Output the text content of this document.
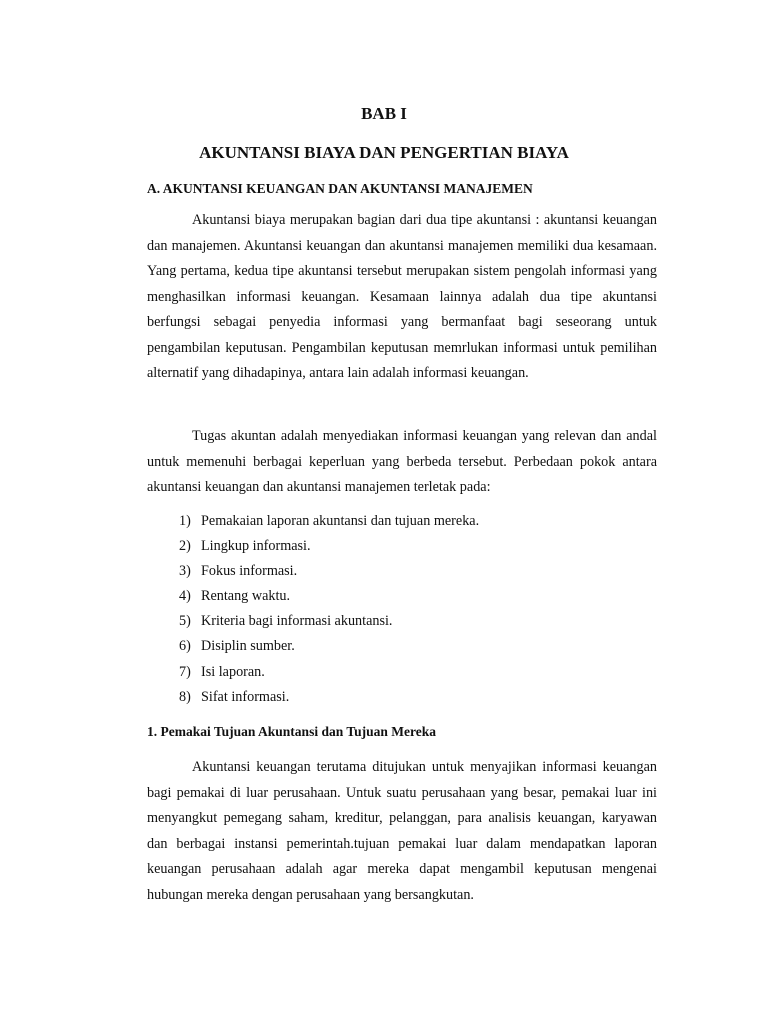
BAB I
AKUNTANSI BIAYA DAN PENGERTIAN BIAYA
A. AKUNTANSI KEUANGAN DAN AKUNTANSI MANAJEMEN

Akuntansi biaya merupakan bagian dari dua tipe akuntansi : akuntansi keuangan dan manajemen. Akuntansi keuangan dan akuntansi manajemen memiliki dua kesamaan. Yang pertama, kedua tipe akuntansi tersebut merupakan sistem pengolah informasi yang menghasilkan informasi keuangan. Kesamaan lainnya adalah dua tipe akuntansi berfungsi sebagai penyedia informasi yang bermanfaat bagi seseorang untuk pengambilan keputusan. Pengambilan keputusan memrlukan informasi untuk pemilihan alternatif yang dihadapinya, antara lain adalah informasi keuangan.

Tugas akuntan adalah menyediakan informasi keuangan yang relevan dan andal untuk memenuhi berbagai keperluan yang berbeda tersebut. Perbedaan pokok antara akuntansi keuangan dan akuntansi manajemen terletak pada:

1) Pemakaian laporan akuntansi dan tujuan mereka.
2) Lingkup informasi.
3) Fokus informasi.
4) Rentang waktu.
5) Kriteria bagi informasi akuntansi.
6) Disiplin sumber.
7) Isi laporan.
8) Sifat informasi.
1. Pemakai Tujuan Akuntansi dan Tujuan Mereka

Akuntansi keuangan terutama ditujukan untuk menyajikan informasi keuangan bagi pemakai di luar perusahaan. Untuk suatu perusahaan yang besar, pemakai luar ini menyangkut pemegang saham, kreditur, pelanggan, para analisis keuangan, karyawan dan berbagai instansi pemerintah.tujuan pemakai luar dalam mendapatkan laporan keuangan perusahaan adalah agar mereka dapat mengambil keputusan mengenai hubungan mereka dengan perusahaan yang bersangkutan.
